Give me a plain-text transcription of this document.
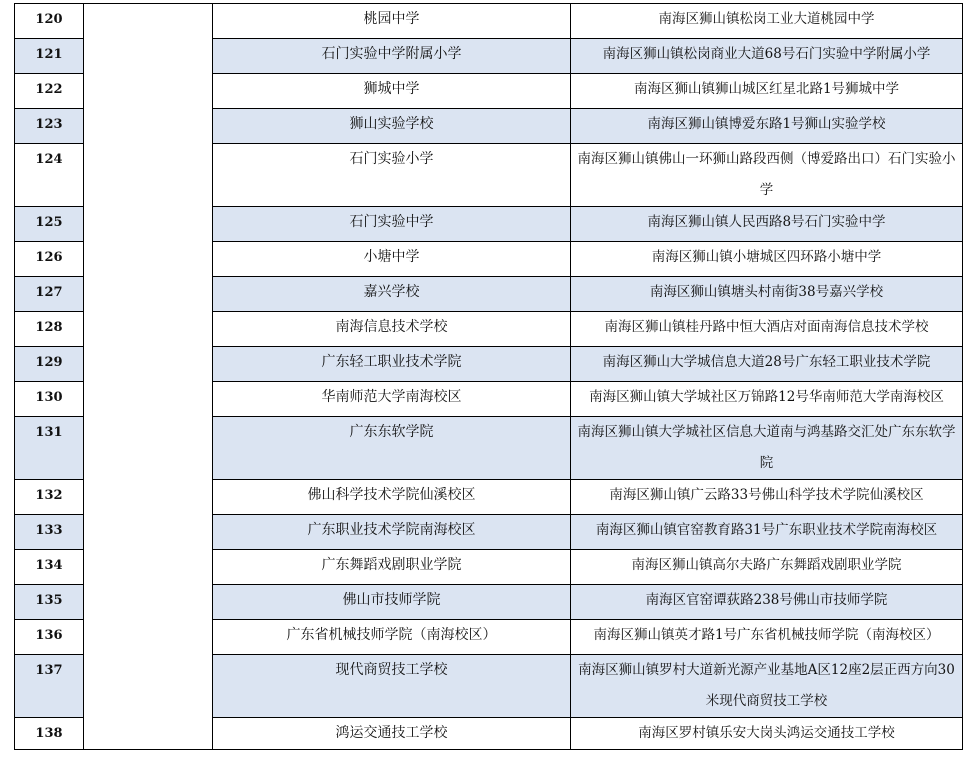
120		桃园中学	南海区狮山镇松岗工业大道桃园中学
121		石门实验中学附属小学	南海区狮山镇松岗商业大道68号石门实验中学附属小学
122		狮城中学	南海区狮山镇狮山城区红星北路1号狮城中学
123		狮山实验学校	南海区狮山镇博爱东路1号狮山实验学校
124		石门实验小学	南海区狮山镇佛山一环狮山路段西侧（博爱路出口）石门实验小学
125		石门实验中学	南海区狮山镇人民西路8号石门实验中学
126		小塘中学	南海区狮山镇小塘城区四环路小塘中学
127		嘉兴学校	南海区狮山镇塘头村南街38号嘉兴学校
128		南海信息技术学校	南海区狮山镇桂丹路中恒大酒店对面南海信息技术学校
129		广东轻工职业技术学院	南海区狮山大学城信息大道28号广东轻工职业技术学院
130		华南师范大学南海校区	南海区狮山镇大学城社区万锦路12号华南师范大学南海校区
131		广东东软学院	南海区狮山镇大学城社区信息大道南与鸿基路交汇处广东东软学院
132		佛山科学技术学院仙溪校区	南海区狮山镇广云路33号佛山科学技术学院仙溪校区
133		广东职业技术学院南海校区	南海区狮山镇官窑教育路31号广东职业技术学院南海校区
134		广东舞蹈戏剧职业学院	南海区狮山镇高尔夫路广东舞蹈戏剧职业学院
135		佛山市技师学院	南海区官窑谭荻路238号佛山市技师学院
136		广东省机械技师学院（南海校区）	南海区狮山镇英才路1号广东省机械技师学院（南海校区）
137		现代商贸技工学校	南海区狮山镇罗村大道新光源产业基地A区12座2层正西方向30米现代商贸技工学校
138		鸿运交通技工学校	南海区罗村镇乐安大岗头鸿运交通技工学校
